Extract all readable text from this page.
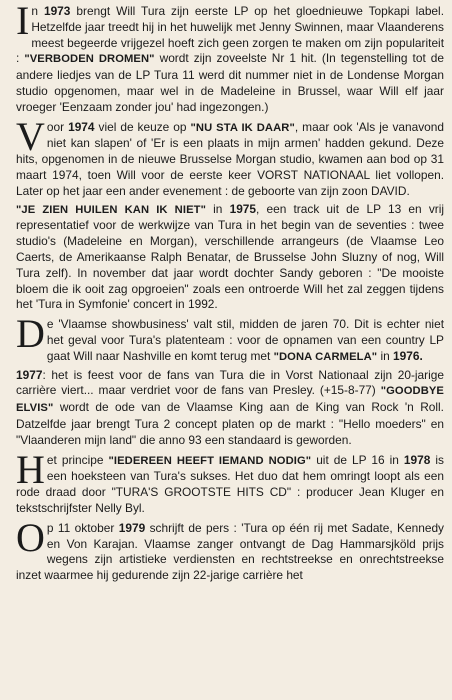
In 1973 brengt Will Tura zijn eerste LP op het gloednieuwe Topkapi label. Hetzelfde jaar treedt hij in het huwelijk met Jenny Swinnen, maar Vlaanderens meest begeerde vrijgezel hoeft zich geen zorgen te maken om zijn populariteit : "VERBODEN DROMEN" wordt zijn zoveelste Nr 1 hit. (In tegenstelling tot de andere liedjes van de LP Tura 11 werd dit nummer niet in de Londense Morgan studio opgenomen, maar wel in de Madeleine in Brussel, waar Will elf jaar vroeger 'Eenzaam zonder jou' had ingezongen.)
Voor 1974 viel de keuze op "NU STA IK DAAR", maar ook 'Als je vanavond niet kan slapen' of 'Er is een plaats in mijn armen' hadden gekund. Deze hits, opgenomen in de nieuwe Brusselse Morgan studio, kwamen aan bod op 31 maart 1974, toen Will voor de eerste keer VORST NATIONAAL liet vollopen. Later op het jaar een ander evenement : de geboorte van zijn zoon DAVID.
"JE ZIEN HUILEN KAN IK NIET" in 1975, een track uit de LP 13 en vrij representatief voor de werkwijze van Tura in het begin van de seventies : twee studio's (Madeleine en Morgan), verschillende arrangeurs (de Vlaamse Leo Caerts, de Amerikaanse Ralph Benatar, de Brusselse John Sluzny of nog, Will Tura zelf). In november dat jaar wordt dochter Sandy geboren : "De mooiste bloem die ik ooit zag opgroeien" zoals een ontroerde Will het zal zeggen tijdens het 'Tura in Symfonie' concert in 1992.
De 'Vlaamse showbusiness' valt stil, midden de jaren 70. Dit is echter niet het geval voor Tura's platenteam : voor de opnamen van een country LP gaat Will naar Nashville en komt terug met "DONA CARMELA" in 1976.
1977: het is feest voor de fans van Tura die in Vorst Nationaal zijn 20-jarige carrière viert... maar verdriet voor de fans van Presley. (+15-8-77) "GOODBYE ELVIS" wordt de ode van de Vlaamse King aan de King van Rock 'n Roll. Datzelfde jaar brengt Tura 2 concept platen op de markt : "Hello moeders" en "Vlaanderen mijn land" die anno 93 een standaard is geworden.
Het principe "IEDEREEN HEEFT IEMAND NODIG" uit de LP 16 in 1978 is een hoeksteen van Tura's sukses. Het duo dat hem omringt loopt als een rode draad door "TURA'S GROOTSTE HITS CD" : producer Jean Kluger en tekstschrijfster Nelly Byl.
Op 11 oktober 1979 schrijft de pers : 'Tura op één rij met Sadate, Kennedy en Von Karajan. Vlaamse zanger ontvangt de Dag Hammarsjköld prijs wegens zijn artistieke verdiensten en rechtstreekse en onrechtstreekse inzet waarmee hij gedurende zijn 22-jarige carrière het
